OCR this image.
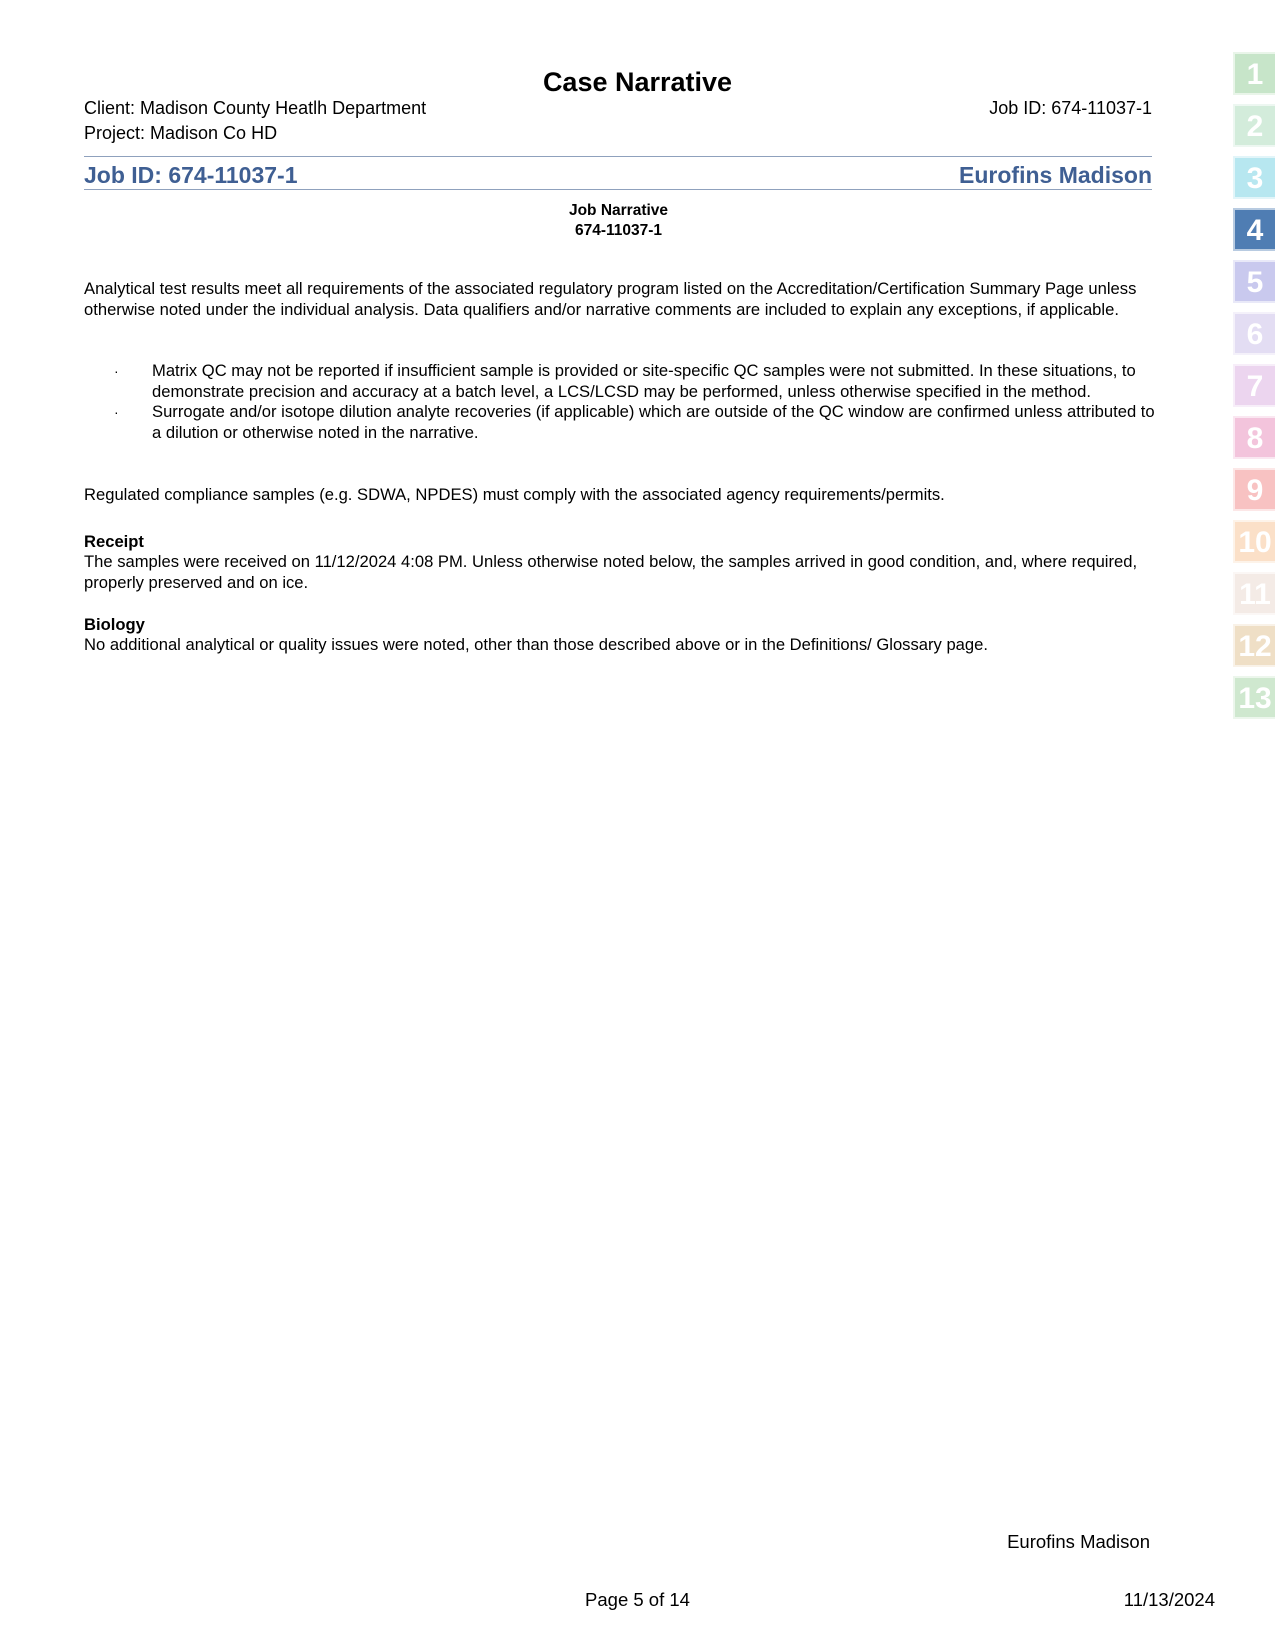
Case Narrative
Client: Madison County Heatlh Department
Project: Madison Co HD
Job ID: 674-11037-1
Job ID: 674-11037-1	Eurofins Madison
Job Narrative
674-11037-1
Analytical test results meet all requirements of the associated regulatory program listed on the Accreditation/Certification Summary Page unless otherwise noted under the individual analysis. Data qualifiers and/or narrative comments are included to explain any exceptions, if applicable.
· Matrix QC may not be reported if insufficient sample is provided or site-specific QC samples were not submitted. In these situations, to demonstrate precision and accuracy at a batch level, a LCS/LCSD may be performed, unless otherwise specified in the method.
· Surrogate and/or isotope dilution analyte recoveries (if applicable) which are outside of the QC window are confirmed unless attributed to a dilution or otherwise noted in the narrative.
Regulated compliance samples (e.g. SDWA, NPDES) must comply with the associated agency requirements/permits.
Receipt
The samples were received on 11/12/2024 4:08 PM. Unless otherwise noted below, the samples arrived in good condition, and, where required, properly preserved and on ice.
Biology
No additional analytical or quality issues were noted, other than those described above or in the Definitions/ Glossary page.
Eurofins Madison
Page 5 of 14	11/13/2024
1
2
3
4
5
6
7
8
9
10
11
12
13
